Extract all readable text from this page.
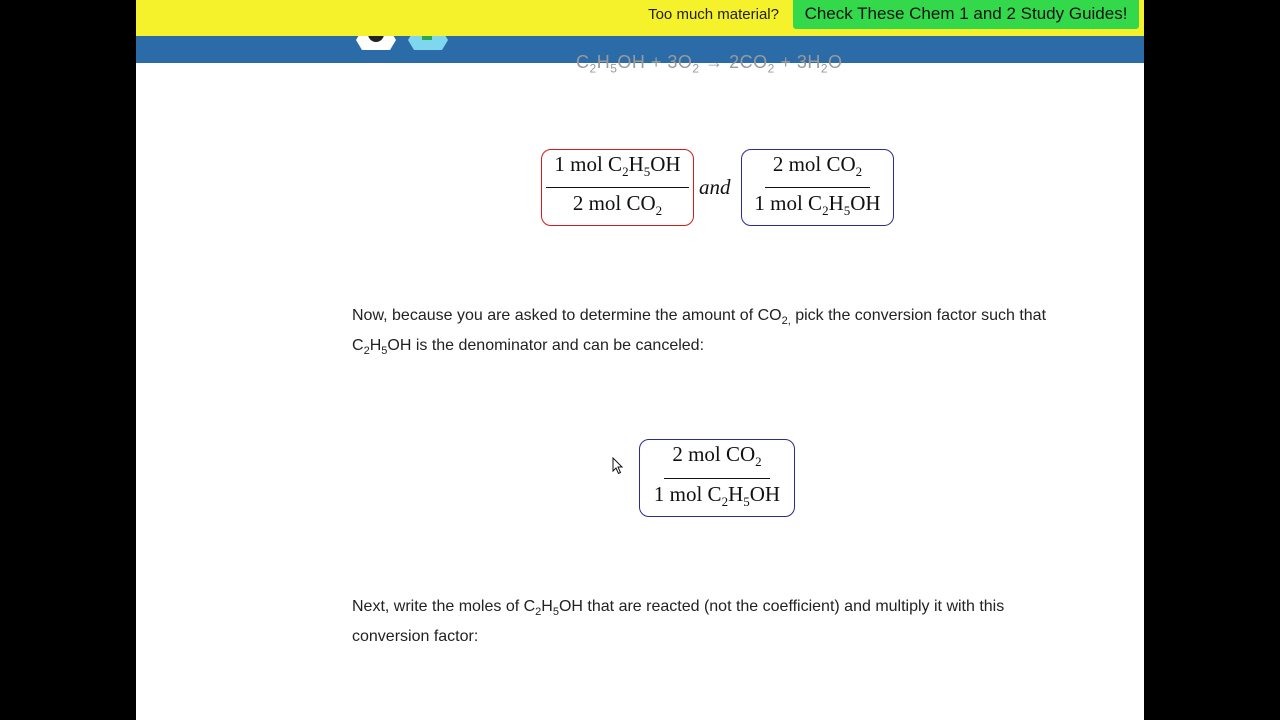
Too much material?	Check These Chem 1 and 2 Study Guides!
$C_2H_5OH + 3O_2 \to 2CO_2 + 3H_2O$
1 mol $C_2H_5OH$
2 mol $CO_2$
and
2 mol $CO_2$
1 mol $C_2H_5OH$

Now, because you are asked to determine the amount of $CO_{2,}$ pick the conversion factor such that $C_2H_5OH$ is the denominator and can be canceled:

2 mol $CO_2$
1 mol $C_2H_5OH$

Next, write the moles of $C_2H_5OH$ that are reacted (not the coefficient) and multiply it with this conversion factor:
